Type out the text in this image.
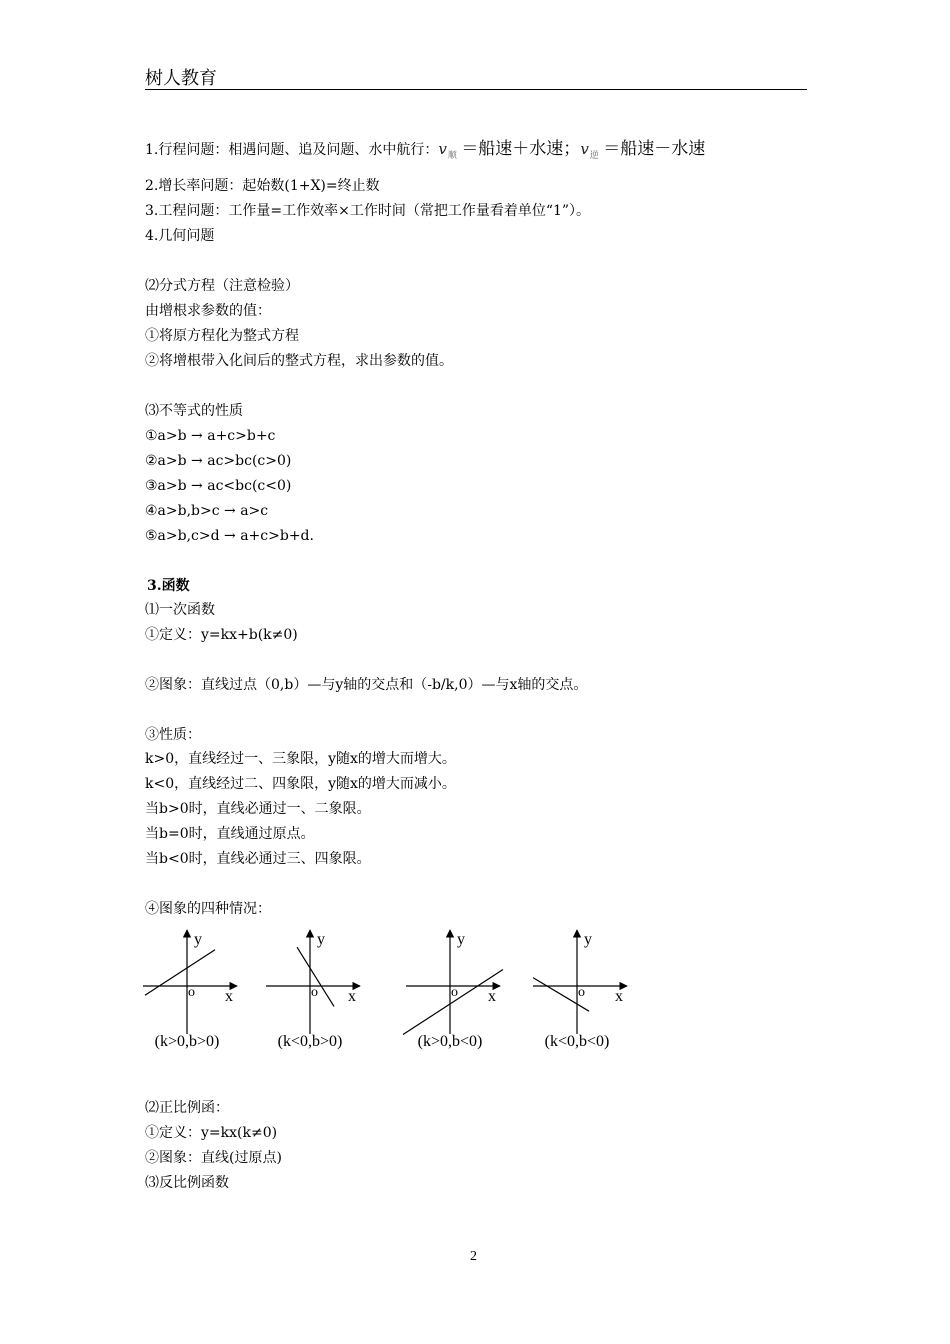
树人教育
1.行程问题：相遇问题、追及问题、水中航行：$v_顺$ ＝船速＋水速；$v_逆$ ＝船速－水速
2.增长率问题：起始数(1+X)=终止数
3.工程问题：工作量=工作效率×工作时间（常把工作量看着单位“1”）。
4.几何问题
⑵分式方程（注意检验）
由增根求参数的值：
①将原方程化为整式方程
②将增根带入化间后的整式方程，求出参数的值。
⑶不等式的性质
①a>b → a+c>b+c
②a>b → ac>bc(c>0)
③a>b → ac<bc(c<0)
④a>b,b>c → a>c
⑤a>b,c>d → a+c>b+d.
3.函数
⑴一次函数
①定义：y=kx+b(k≠0)
②图象：直线过点（0,b）—与y轴的交点和（-b/k,0）—与x轴的交点。
③性质：
k>0，直线经过一、三象限，y随x的增大而增大。
k<0，直线经过二、四象限，y随x的增大而减小。
当b>0时，直线必通过一、二象限。
当b=0时，直线通过原点。
当b<0时，直线必通过三、四象限。
④图象的四种情况：
y
x
o
(k>0,b>0)
y
x
o
(k<0,b>0)
y
x
o
(k>0,b<0)
y
x
o
(k<0,b<0)
⑵正比例函：
①定义：y=kx(k≠0)
②图象：直线(过原点)
⑶反比例函数
2
